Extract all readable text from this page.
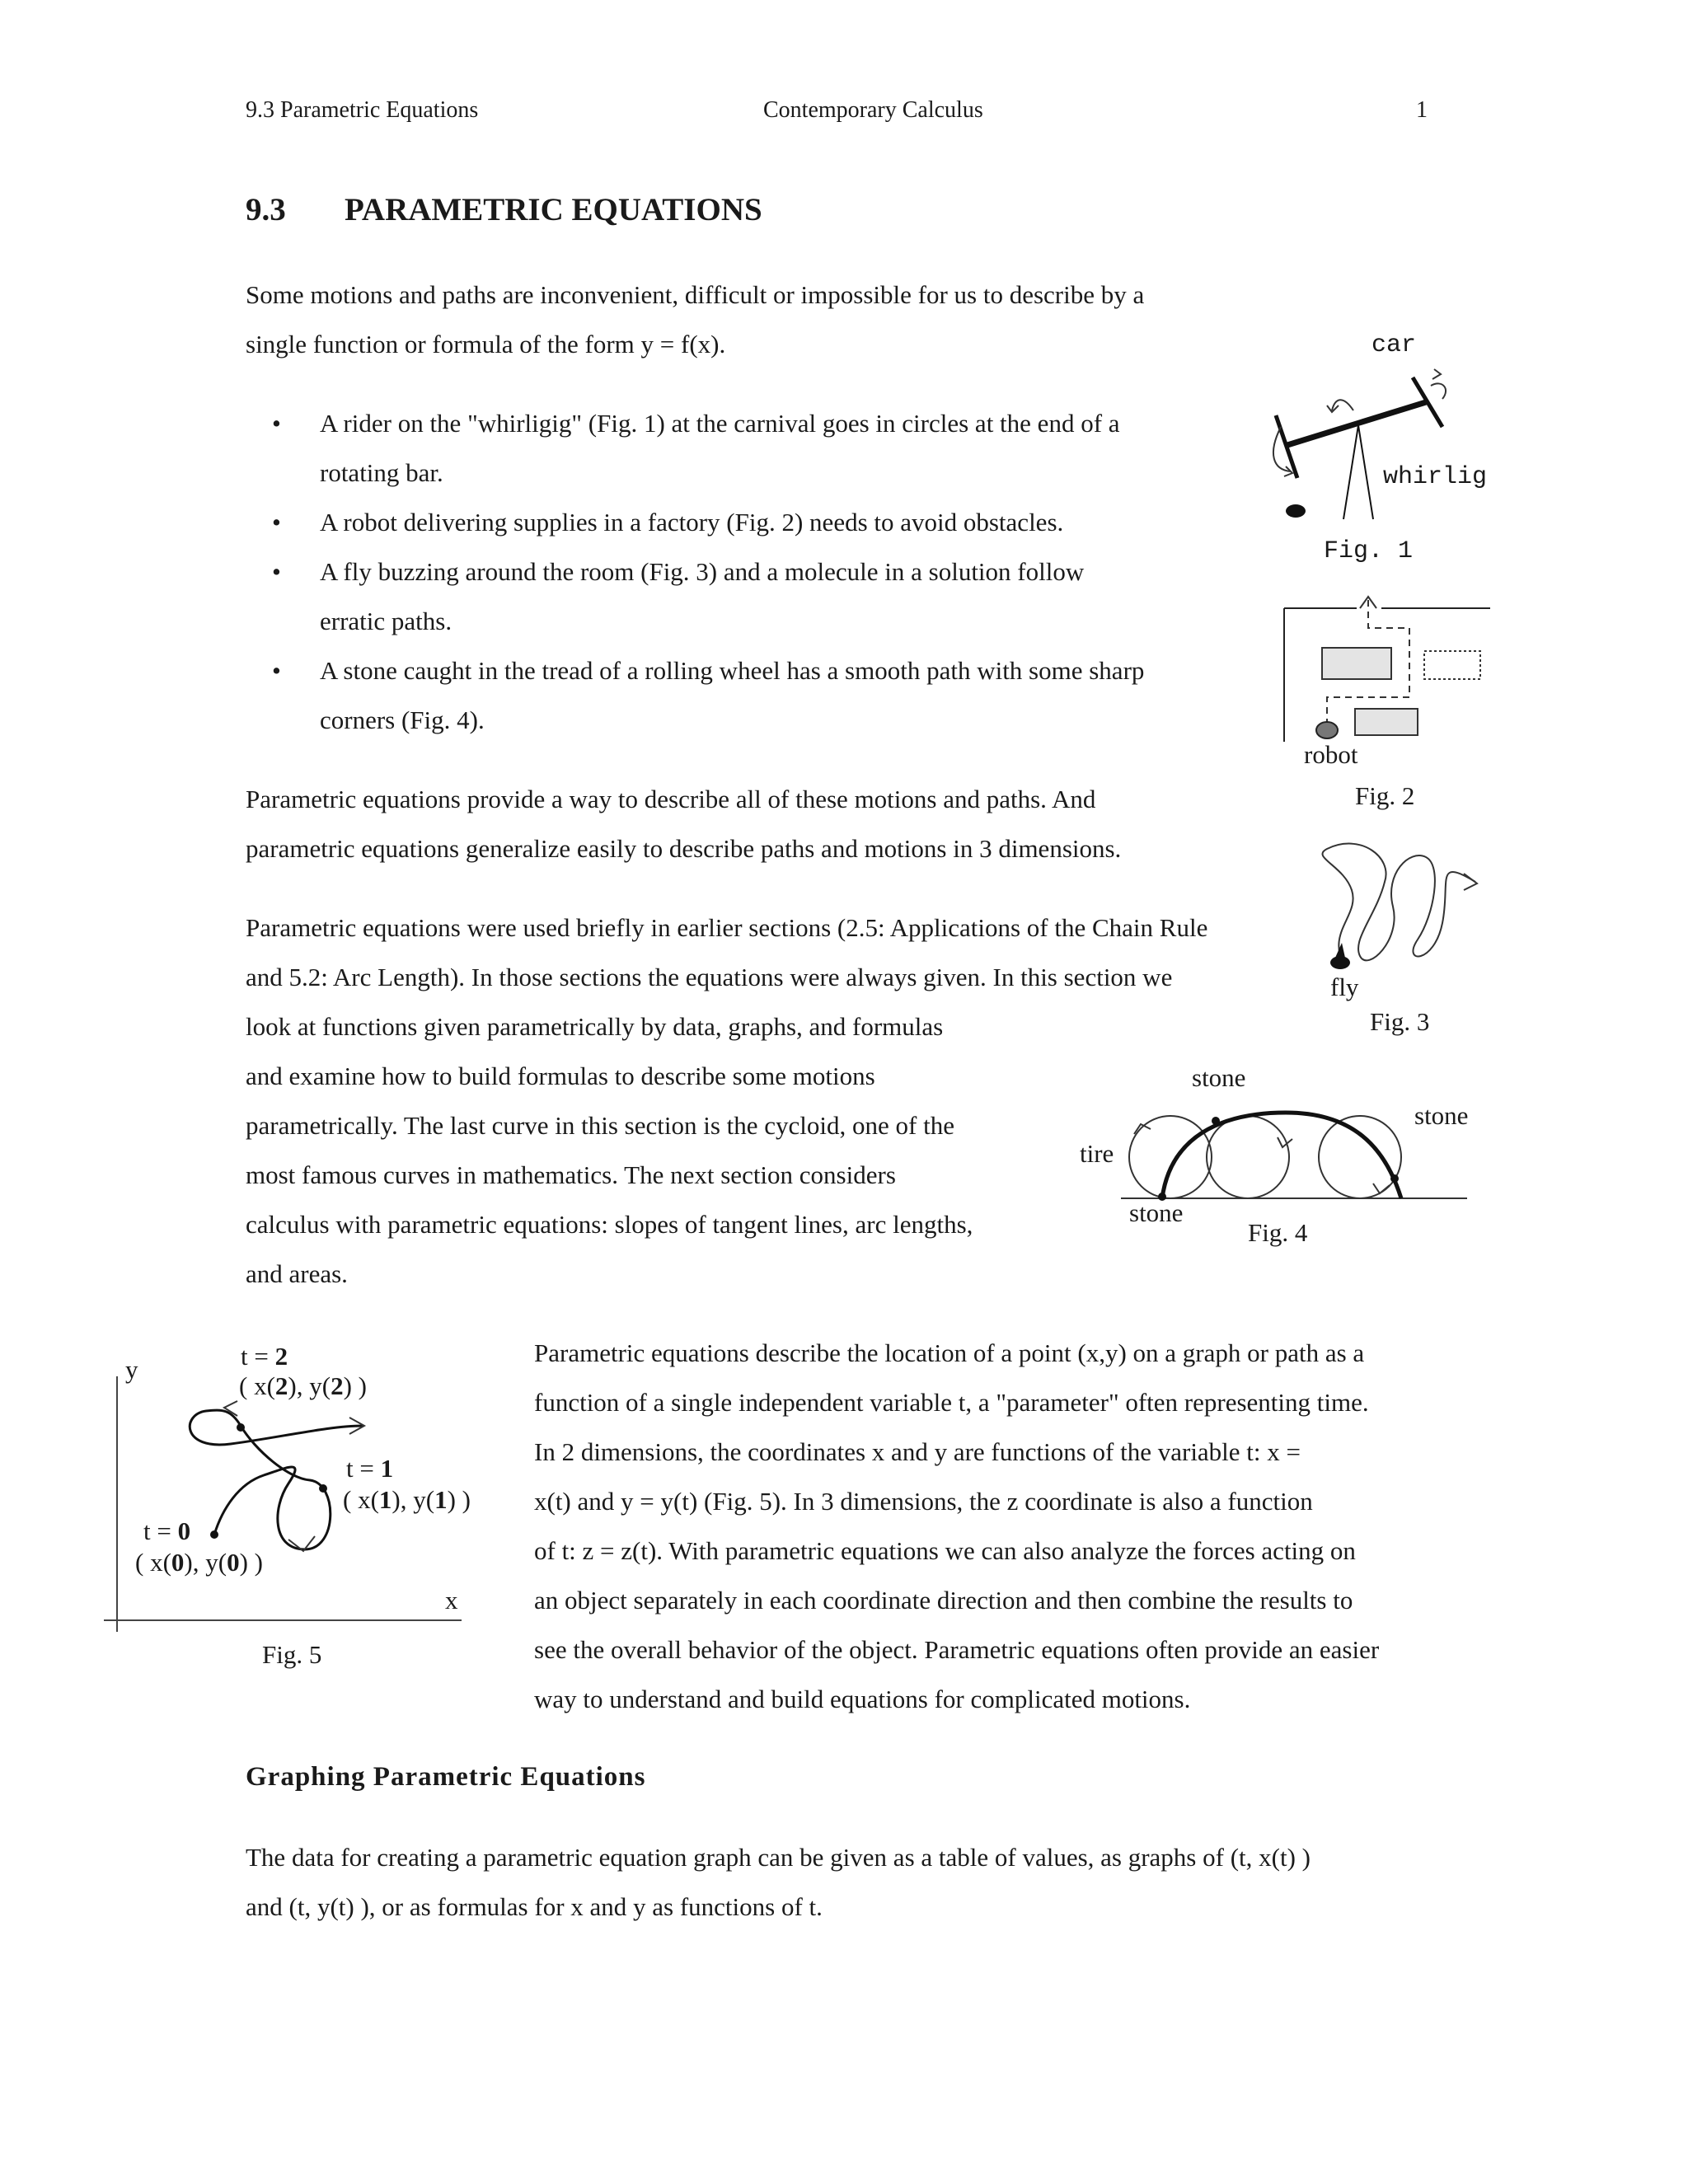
9.3 Parametric Equations	Contemporary Calculus	1
9.3 PARAMETRIC EQUATIONS
Some motions and paths are inconvenient, difficult or impossible for us to describe by a
single function or formula of the form y = f(x).
• A rider on the "whirligig" (Fig. 1) at the carnival goes in circles at the end of a
rotating bar.
• A robot delivering supplies in a factory (Fig. 2) needs to avoid obstacles.
• A fly buzzing around the room (Fig. 3) and a molecule in a solution follow
erratic paths.
• A stone caught in the tread of a rolling wheel has a smooth path with some sharp
corners (Fig. 4).
Parametric equations provide a way to describe all of these motions and paths. And
parametric equations generalize easily to describe paths and motions in 3 dimensions.
Parametric equations were used briefly in earlier sections (2.5: Applications of the Chain Rule
and 5.2: Arc Length). In those sections the equations were always given. In this section we
look at functions given parametrically by data, graphs, and formulas
and examine how to build formulas to describe some motions
parametrically. The last curve in this section is the cycloid, one of the
most famous curves in mathematics. The next section considers
calculus with parametric equations: slopes of tangent lines, arc lengths,
and areas.
Parametric equations describe the location of a point (x,y) on a graph or path as a
function of a single independent variable t, a "parameter" often representing time.
In 2 dimensions, the coordinates x and y are functions of the variable t: x =
x(t) and y = y(t) (Fig. 5). In 3 dimensions, the z coordinate is also a function
of t: z = z(t). With parametric equations we can also analyze the forces acting on
an object separately in each coordinate direction and then combine the results to
see the overall behavior of the object. Parametric equations often provide an easier
way to understand and build equations for complicated motions.
Graphing Parametric Equations
The data for creating a parametric equation graph can be given as a table of values, as graphs of (t, x(t) )
and (t, y(t) ), or as formulas for x and y as functions of t.
car
whirlig
Fig. 1
robot
Fig. 2
fly
Fig. 3
stone
stone
tire
stone
Fig. 4
y
x
t = 2
( x(2), y(2) )
t = 1
( x(1), y(1) )
t = 0
( x(0), y(0) )
Fig. 5
